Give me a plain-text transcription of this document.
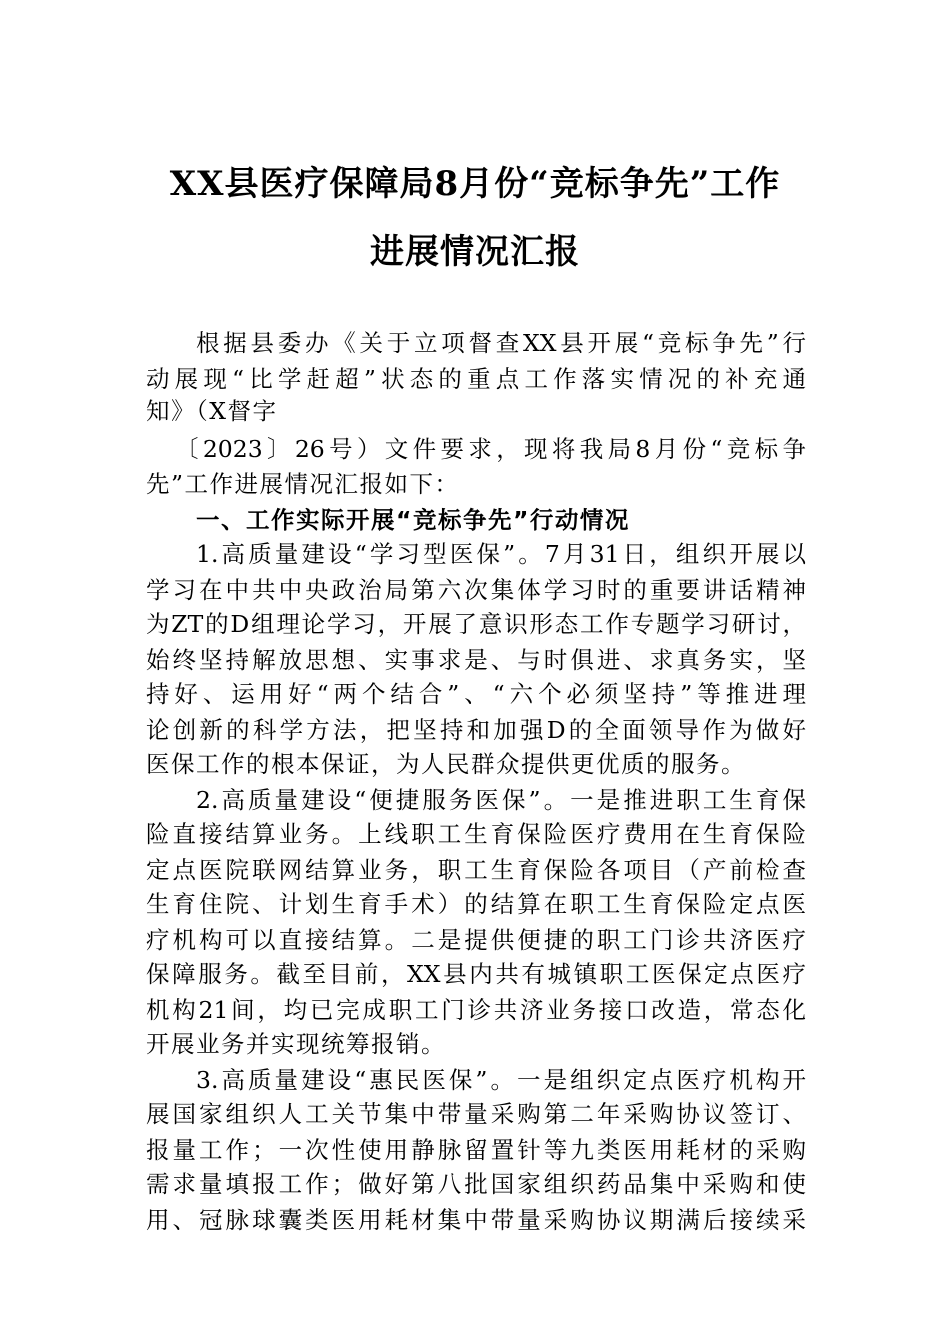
XX县医疗保障局8月份“竞标争先”工作
进展情况汇报
根据县委办《关于立项督查XX县开展“竞标争先”行
动展现“比学赶超”状态的重点工作落实情况的补充通
知》（X督字
〔2023〕26号）文件要求，现将我局8月份“竞标争
先”工作进展情况汇报如下：
一、工作实际开展“竞标争先”行动情况
1.高质量建设“学习型医保”。7月31日，组织开展以
学习在中共中央政治局第六次集体学习时的重要讲话精神
为ZT的D组理论学习，开展了意识形态工作专题学习研讨，
始终坚持解放思想、实事求是、与时俱进、求真务实，坚
持好、运用好“两个结合”、“六个必须坚持”等推进理
论创新的科学方法，把坚持和加强D的全面领导作为做好
医保工作的根本保证，为人民群众提供更优质的服务。
2.高质量建设“便捷服务医保”。一是推进职工生育保
险直接结算业务。上线职工生育保险医疗费用在生育保险
定点医院联网结算业务，职工生育保险各项目（产前检查
生育住院、计划生育手术）的结算在职工生育保险定点医
疗机构可以直接结算。二是提供便捷的职工门诊共济医疗
保障服务。截至目前，XX县内共有城镇职工医保定点医疗
机构21间，均已完成职工门诊共济业务接口改造，常态化
开展业务并实现统筹报销。
3.高质量建设“惠民医保”。一是组织定点医疗机构开
展国家组织人工关节集中带量采购第二年采购协议签订、
报量工作；一次性使用静脉留置针等九类医用耗材的采购
需求量填报工作；做好第八批国家组织药品集中采购和使
用、冠脉球囊类医用耗材集中带量采购协议期满后接续采
